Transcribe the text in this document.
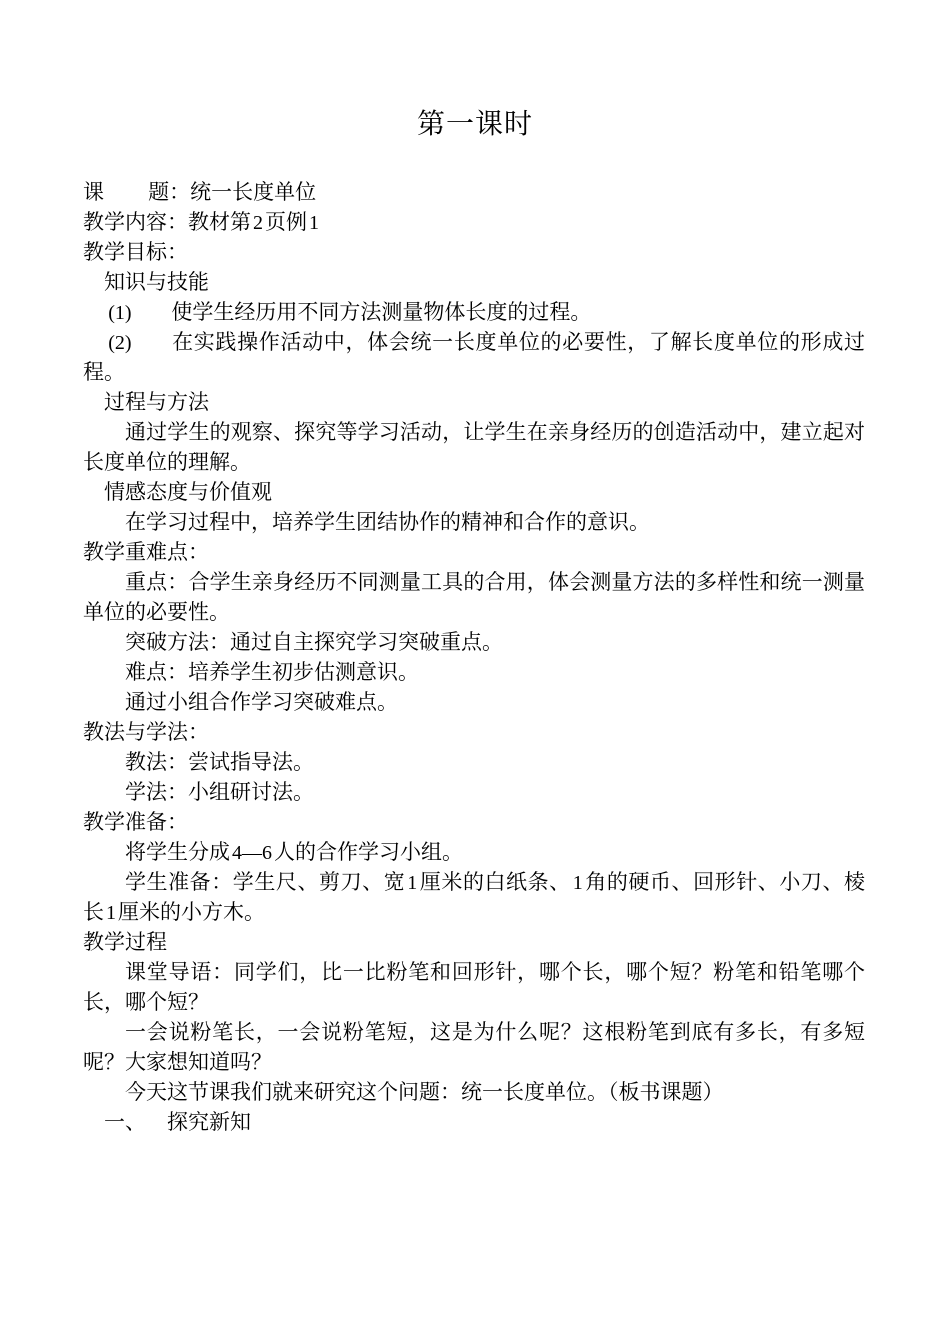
第一课时

课 题：统一长度单位

教学内容：教材第 2页例 1

教学目标：

知识与技能

(1) 使学生经历用不同方法测量物体长度的过程。

(2) 在实践操作活动中，体会统一长度单位的必要性，了解长度单位的形成过程。

过程与方法

通过学生的观察、探究等学习活动，让学生在亲身经历的创造活动中，建立起对长度单位的理解。

情感态度与价值观

在学习过程中，培养学生团结协作的精神和合作的意识。

教学重难点：

重点：合学生亲身经历不同测量工具的合用，体会测量方法的多样性和统一测量单位的必要性。

突破方法：通过自主探究学习突破重点。

难点：培养学生初步估测意识。

通过小组合作学习突破难点。

教法与学法：

教法：尝试指导法。

学法：小组研讨法。

教学准备：

将学生分成 4—6人的合作学习小组。

学生准备：学生尺、剪刀、宽 1厘米的白纸条、 1角的硬币、回形针、小刀、棱长 1厘米的小方木。

教学过程

课堂导语：同学们，比一比粉笔和回形针，哪个长，哪个短？粉笔和铅笔哪个长，哪个短？

一会说粉笔长，一会说粉笔短，这是为什么呢？这根粉笔到底有多长，有多短呢？大家想知道吗？

今天这节课我们就来研究这个问题：统一长度单位。（板书课题）

一、 探究新知
